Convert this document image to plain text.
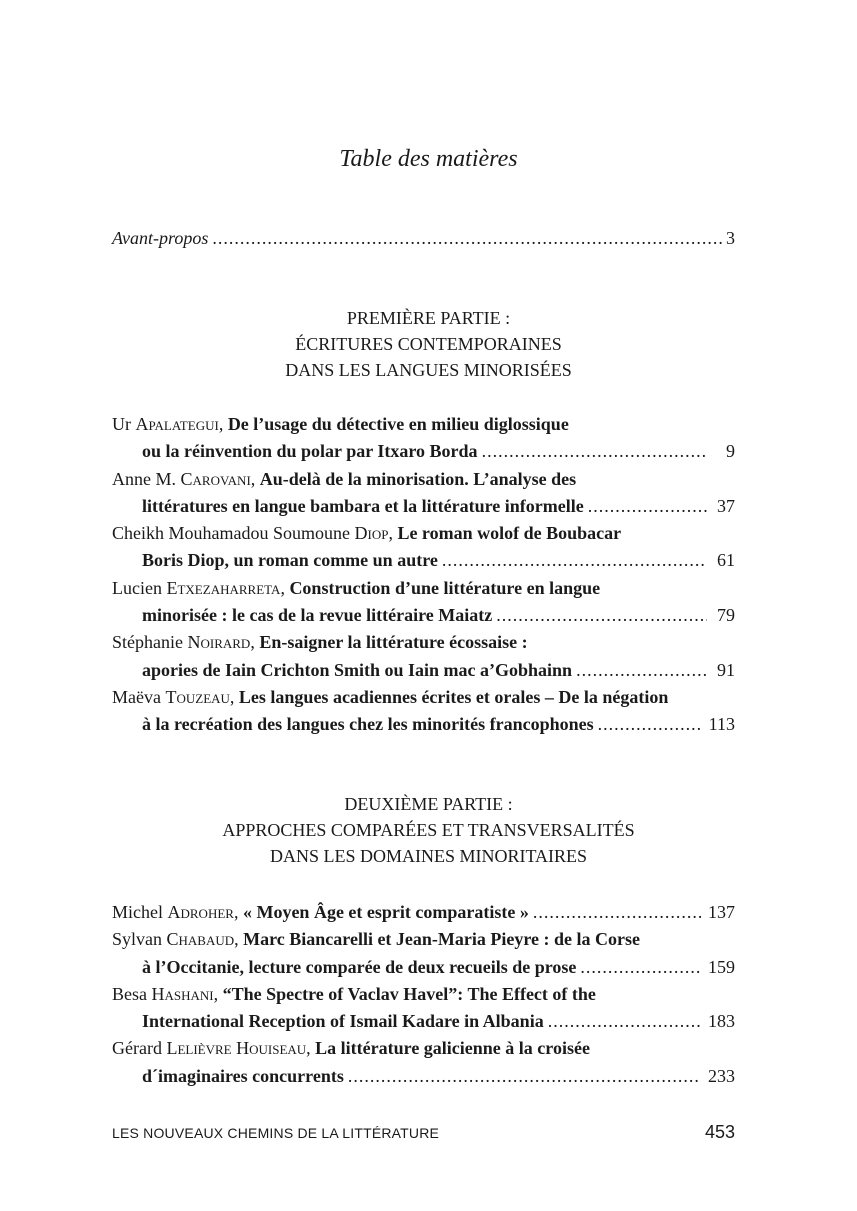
Table des matières
Avant-propos .....	3
PREMIÈRE PARTIE :
ÉCRITURES CONTEMPORAINES
DANS LES LANGUES MINORISÉES
Ur Apalategui, De l’usage du détective en milieu diglossique
ou la réinvention du polar par Itxaro Borda .....	9
Anne M. Carovani, Au-delà de la minorisation. L’analyse des
littératures en langue bambara et la littérature informelle .....	37
Cheikh Mouhamadou Soumoune Diop, Le roman wolof de Boubacar
Boris Diop, un roman comme un autre .....	61
Lucien Etxezaharreta, Construction d’une littérature en langue
minorisée : le cas de la revue littéraire Maiatz .....	79
Stéphanie Noirard, En-saigner la littérature écossaise :
apories de Iain Crichton Smith ou Iain mac a’Gobhainn .....	91
Maëva Touzeau, Les langues acadiennes écrites et orales – De la négation
à la recréation des langues chez les minorités francophones .....	113
DEUXIÈME PARTIE :
APPROCHES COMPARÉES ET TRANSVERSALITÉS
DANS LES DOMAINES MINORITAIRES
Michel
Adroher , « Moyen Âge et esprit comparatiste » .....	137
Sylvan Chabaud, Marc Biancarelli et Jean-Maria Pieyre : de la Corse
à l’Occitanie, lecture comparée de deux recueils de prose .....	159
Besa Hashani, “The Spectre of Vaclav Havel”: The Effect of the
International Reception of Ismail Kadare in Albania .....	183
Gérard Lelièvre Houiseau, La littérature galicienne à la croisée
d´imaginaires concurrents .....	233
LES NOUVEAUX CHEMINS DE LA LITTÉRATURE	453
